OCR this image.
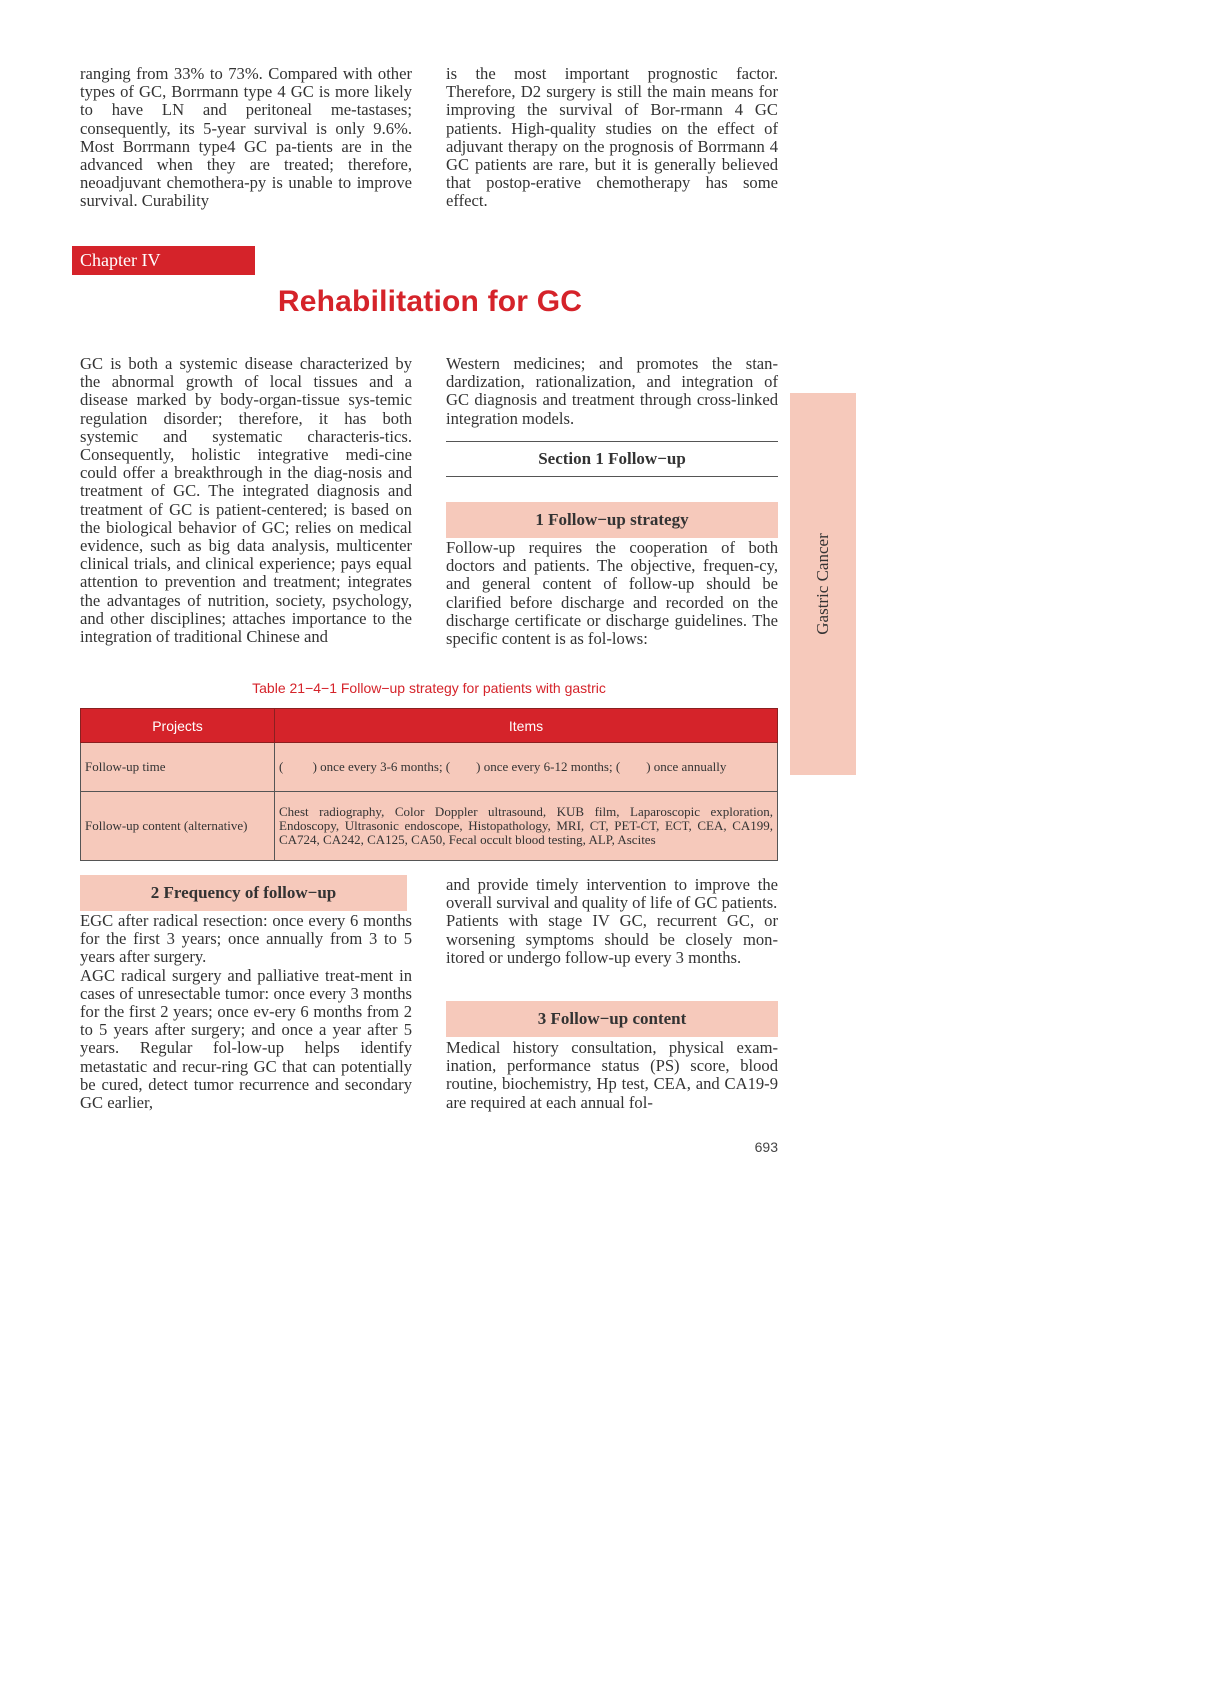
ranging from 33% to 73%. Compared with other types of GC, Borrmann type 4 GC is more likely to have LN and peritoneal me-tastases; consequently, its 5-year survival is only 9.6%. Most Borrmann type4 GC pa-tients are in the advanced when they are treated; therefore, neoadjuvant chemothera-py is unable to improve survival. Curability

is the most important prognostic factor. Therefore, D2 surgery is still the main means for improving the survival of Bor-rmann 4 GC patients. High-quality studies on the effect of adjuvant therapy on the prognosis of Borrmann 4 GC patients are rare, but it is generally believed that postop-erative chemotherapy has some effect.

Chapter IV
Rehabilitation for GC

GC is both a systemic disease characterized by the abnormal growth of local tissues and a disease marked by body-organ-tissue sys-temic regulation disorder; therefore, it has both systemic and systematic characteris-tics. Consequently, holistic integrative medi-cine could offer a breakthrough in the diag-nosis and treatment of GC. The integrated diagnosis and treatment of GC is patient-centered; is based on the biological behavior of GC; relies on medical evidence, such as big data analysis, multicenter clinical trials, and clinical experience; pays equal attention to prevention and treatment; integrates the advantages of nutrition, society, psychology, and other disciplines; attaches importance to the integration of traditional Chinese and

Western medicines; and promotes the stan-dardization, rationalization, and integration of GC diagnosis and treatment through cross-linked integration models.

Section 1 Follow−up
1 Follow−up strategy

Follow-up requires the cooperation of both doctors and patients. The objective, frequen-cy, and general content of follow-up should be clarified before discharge and recorded on the discharge certificate or discharge guidelines. The specific content is as fol-lows:

Gastric Cancer
Table 21−4−1 Follow−up strategy for patients with gastric
Projects	Items
Follow-up time	( ) once every 3-6 months; ( ) once every 6-12 months; ( ) once annually
Follow-up content (alternative)	Chest radiography, Color Doppler ultrasound, KUB film, Laparoscopic exploration, Endoscopy, Ultrasonic endoscope, Histopathology, MRI, CT, PET-CT, ECT, CEA, CA199, CA724, CA242, CA125, CA50, Fecal occult blood testing, ALP, Ascites
2 Frequency of follow−up

EGC after radical resection: once every 6 months for the first 3 years; once annually from 3 to 5 years after surgery.

AGC radical surgery and palliative treat-ment in cases of unresectable tumor: once every 3 months for the first 2 years; once ev-ery 6 months from 2 to 5 years after surgery; and once a year after 5 years. Regular fol-low-up helps identify metastatic and recur-ring GC that can potentially be cured, detect tumor recurrence and secondary GC earlier,

and provide timely intervention to improve the overall survival and quality of life of GC patients.

Patients with stage IV GC, recurrent GC, or worsening symptoms should be closely mon-itored or undergo follow-up every 3 months.

3 Follow−up content

Medical history consultation, physical exam-ination, performance status (PS) score, blood routine, biochemistry, Hp test, CEA, and CA19-9 are required at each annual fol-

693
